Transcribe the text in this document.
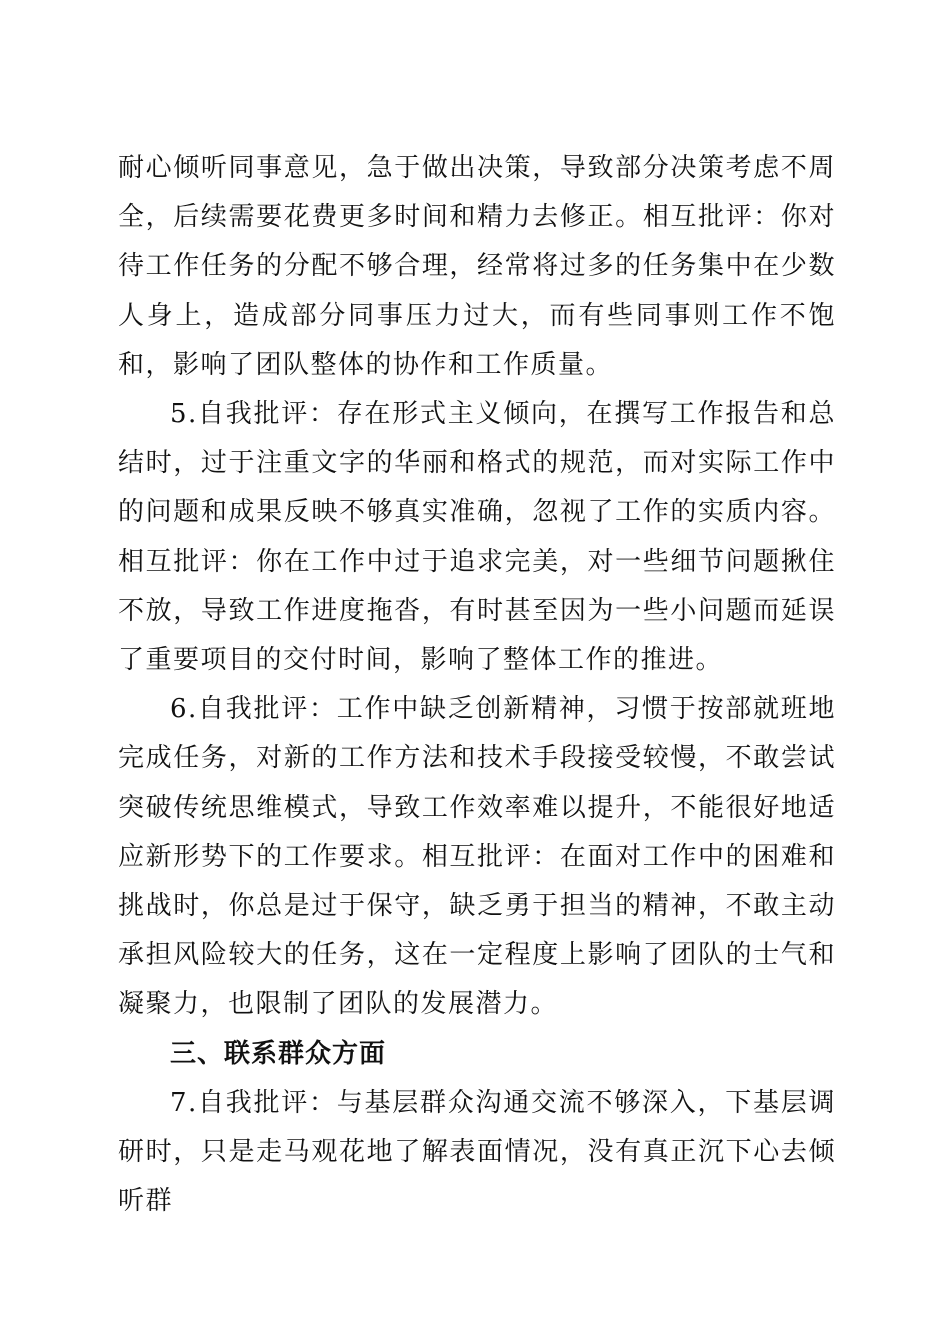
耐心倾听同事意见，急于做出决策，导致部分决策考虑不周全，后续需要花费更多时间和精力去修正。相互批评：你对待工作任务的分配不够合理，经常将过多的任务集中在少数人身上，造成部分同事压力过大，而有些同事则工作不饱和，影响了团队整体的协作和工作质量。

5.自我批评：存在形式主义倾向，在撰写工作报告和总结时，过于注重文字的华丽和格式的规范，而对实际工作中的问题和成果反映不够真实准确，忽视了工作的实质内容。相互批评：你在工作中过于追求完美，对一些细节问题揪住不放，导致工作进度拖沓，有时甚至因为一些小问题而延误了重要项目的交付时间，影响了整体工作的推进。

6.自我批评：工作中缺乏创新精神，习惯于按部就班地完成任务，对新的工作方法和技术手段接受较慢，不敢尝试突破传统思维模式，导致工作效率难以提升，不能很好地适应新形势下的工作要求。相互批评：在面对工作中的困难和挑战时，你总是过于保守，缺乏勇于担当的精神，不敢主动承担风险较大的任务，这在一定程度上影响了团队的士气和凝聚力，也限制了团队的发展潜力。

三、联系群众方面

7.自我批评：与基层群众沟通交流不够深入，下基层调研时，只是走马观花地了解表面情况，没有真正沉下心去倾听群
